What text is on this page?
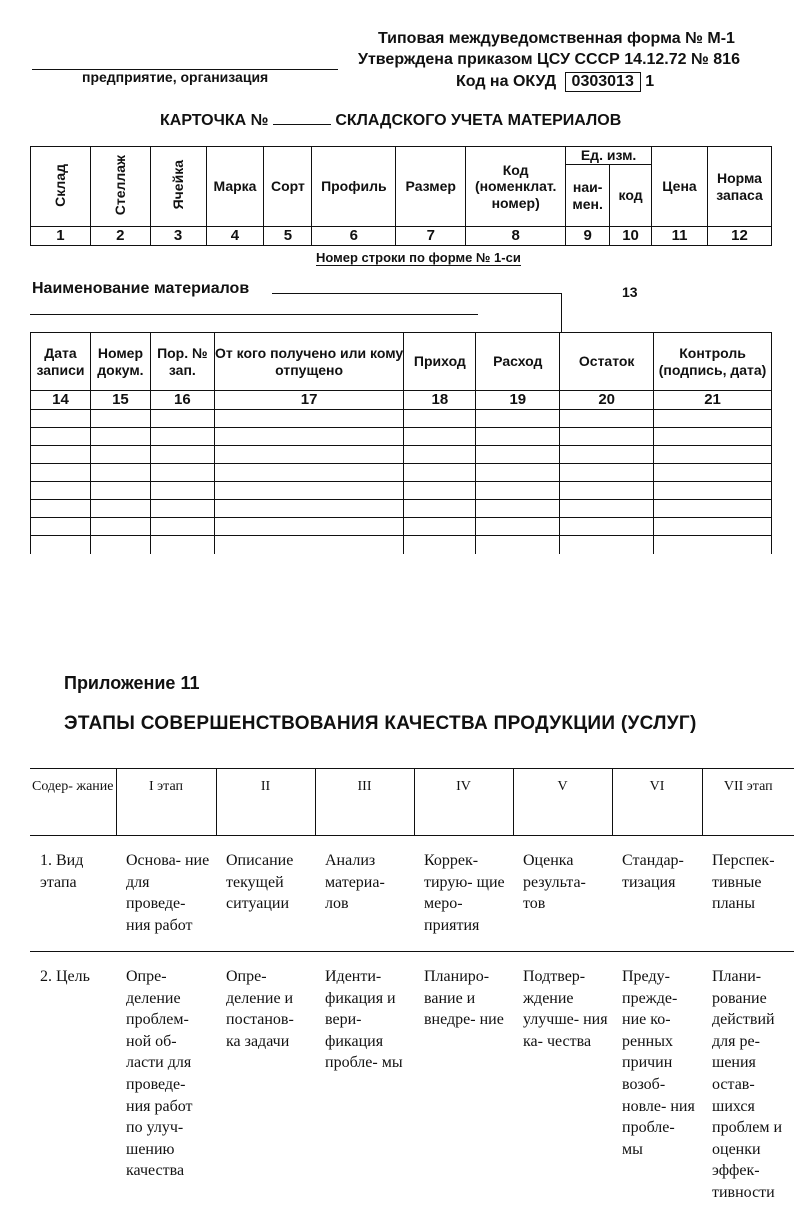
Типовая междуведомственная форма № М-1
Утверждена приказом ЦСУ СССР 14.12.72 № 816
Код на ОКУД 0303013 1
предприятие, организация
КАРТОЧКА №	СКЛАДСКОГО УЧЕТА МАТЕРИАЛОВ
Склад	Стеллаж	Ячейка	Марка	Сорт	Профиль	Размер	Код (номенклат. номер)	Ед. изм.		Цена	Норма запаса
								наи- мен.	код		
1	2	3	4	5	6	7	8	9	10	11	12
Номер строки по форме № 1-си
Наименование материалов	13
Дата записи	Номер докум.	Пор. № зап.	От кого получено или кому отпущено	Приход	Расход	Остаток	Контроль (подпись, дата)
14	15	16	17	18	19	20	21

Приложение 11
ЭТАПЫ СОВЕРШЕНСТВОВАНИЯ КАЧЕСТВА ПРОДУКЦИИ (УСЛУГ)
Содер- жание	I этап	II	III	IV	V	VI	VII этап
1. Вид этапа	Основа- ние для проведе- ния работ	Описание текущей ситуации	Анализ материа- лов	Коррек- тирую- щие меро- приятия	Оценка результа- тов	Стандар- тизация	Перспек- тивные планы
2. Цель	Опре- деление проблем- ной об- ласти для проведе- ния работ по улуч- шению качества	Опре- деление и постанов- ка задачи	Иденти- фикация и вери- фикация пробле- мы	Планиро- вание и внедре- ние	Подтвер- ждение улучше- ния ка- чества	Преду- прежде- ние ко- ренных причин возоб- новле- ния пробле- мы	Плани- рование действий для ре- шения остав- шихся проблем и оценки эффек- тивности
